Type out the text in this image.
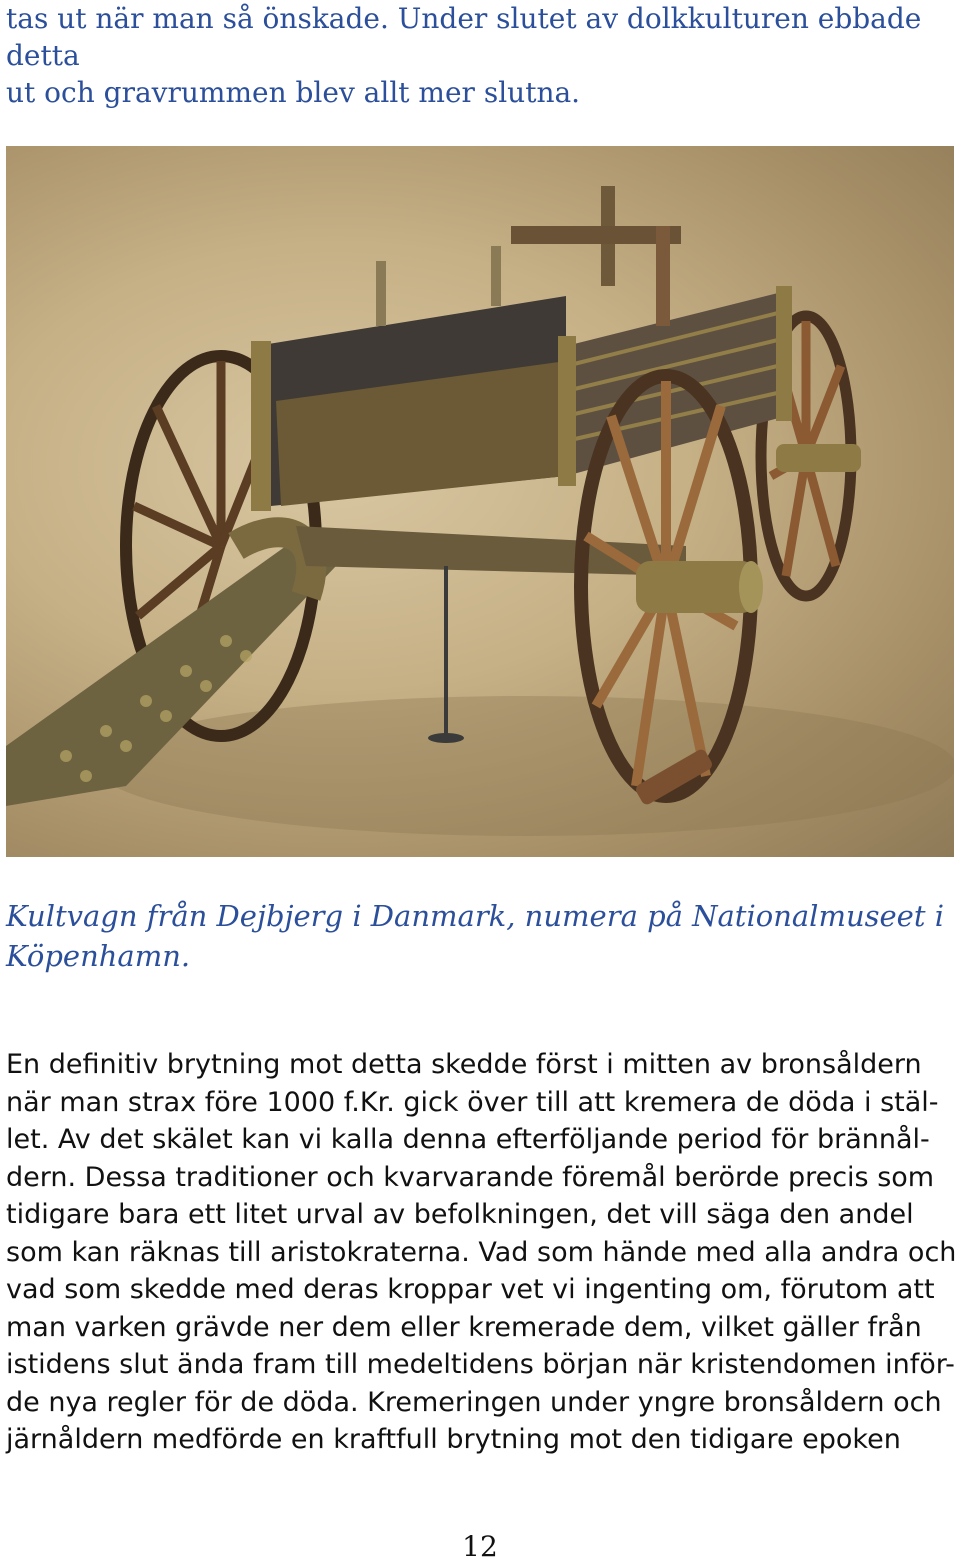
tas ut när man så önskade. Under slutet av dolkkulturen ebbade detta
ut och gravrummen blev allt mer slutna.
Kultvagn från Dejbjerg i Danmark, numera på Nationalmuseet i
Köpenhamn.
En definitiv brytning mot detta skedde först i mitten av bronsåldern
när man strax före 1000 f.Kr. gick över till att kremera de döda i stäl-
let. Av det skälet kan vi kalla denna efterföljande period för brännål-
dern. Dessa traditioner och kvarvarande föremål berörde precis som
tidigare bara ett litet urval av befolkningen, det vill säga den andel
som kan räknas till aristokraterna. Vad som hände med alla andra och
vad som skedde med deras kroppar vet vi ingenting om, förutom att
man varken grävde ner dem eller kremerade dem, vilket gäller från
istidens slut ända fram till medeltidens början när kristendomen inför-
de nya regler för de döda. Kremeringen under yngre bronsåldern och
järnåldern medförde en kraftfull brytning mot den tidigare epoken
12
